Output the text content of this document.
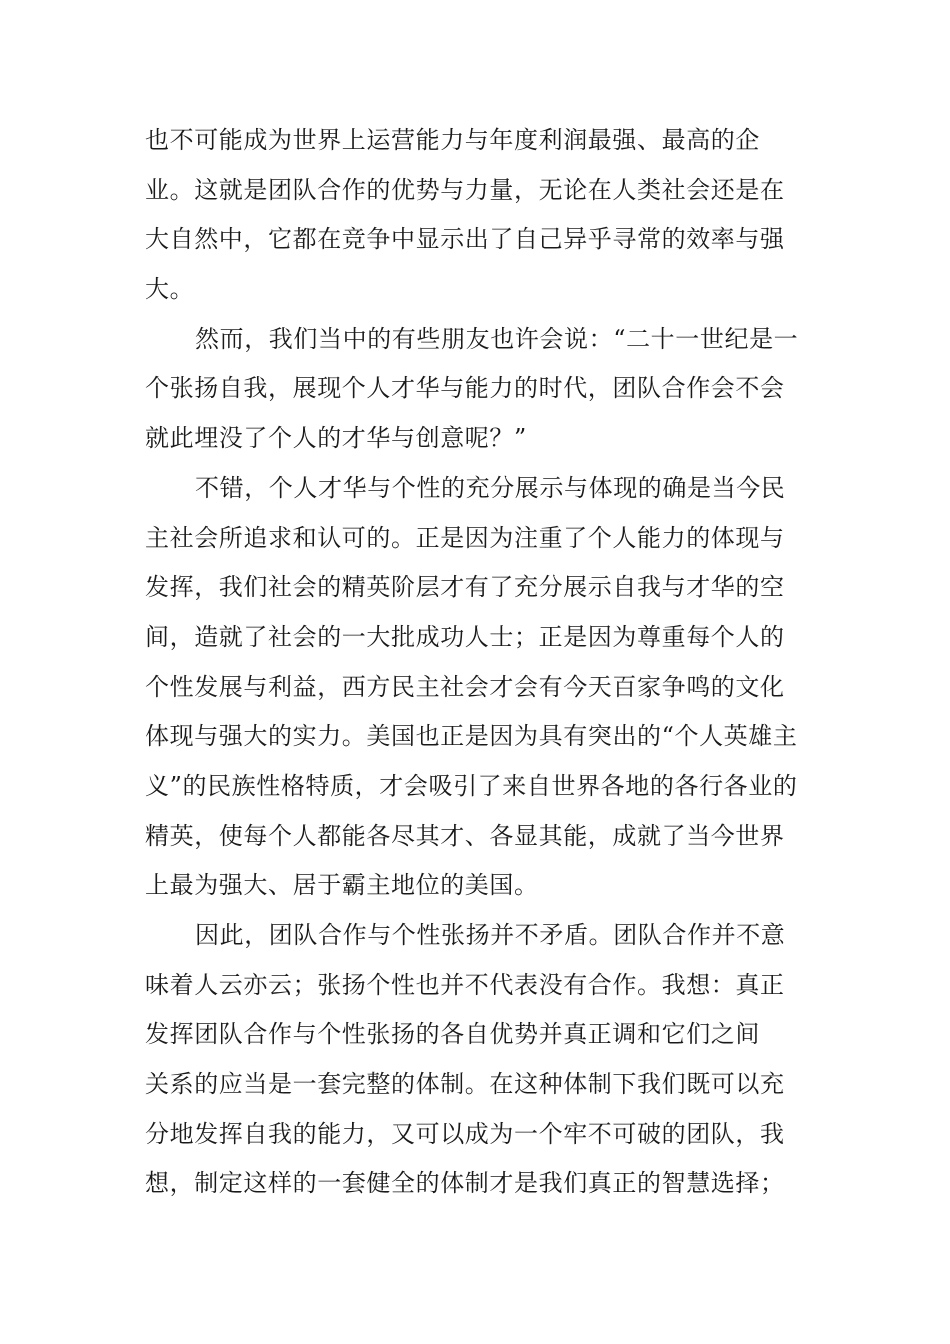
也不可能成为世界上运营能力与年度利润最强、最高的企
业。这就是团队合作的优势与力量，无论在人类社会还是在
大自然中，它都在竞争中显示出了自己异乎寻常的效率与强
大。
然而，我们当中的有些朋友也许会说：“二十一世纪是一
个张扬自我，展现个人才华与能力的时代，团队合作会不会
就此埋没了个人的才华与创意呢？”
不错，个人才华与个性的充分展示与体现的确是当今民
主社会所追求和认可的。正是因为注重了个人能力的体现与
发挥，我们社会的精英阶层才有了充分展示自我与才华的空
间，造就了社会的一大批成功人士；正是因为尊重每个人的
个性发展与利益，西方民主社会才会有今天百家争鸣的文化
体现与强大的实力。美国也正是因为具有突出的“个人英雄主
义”的民族性格特质，才会吸引了来自世界各地的各行各业的
精英，使每个人都能各尽其才、各显其能，成就了当今世界
上最为强大、居于霸主地位的美国。
因此，团队合作与个性张扬并不矛盾。团队合作并不意
味着人云亦云；张扬个性也并不代表没有合作。我想：真正
发挥团队合作与个性张扬的各自优势并真正调和它们之间
关系的应当是一套完整的体制。在这种体制下我们既可以充
分地发挥自我的能力，又可以成为一个牢不可破的团队，我
想，制定这样的一套健全的体制才是我们真正的智慧选择；
